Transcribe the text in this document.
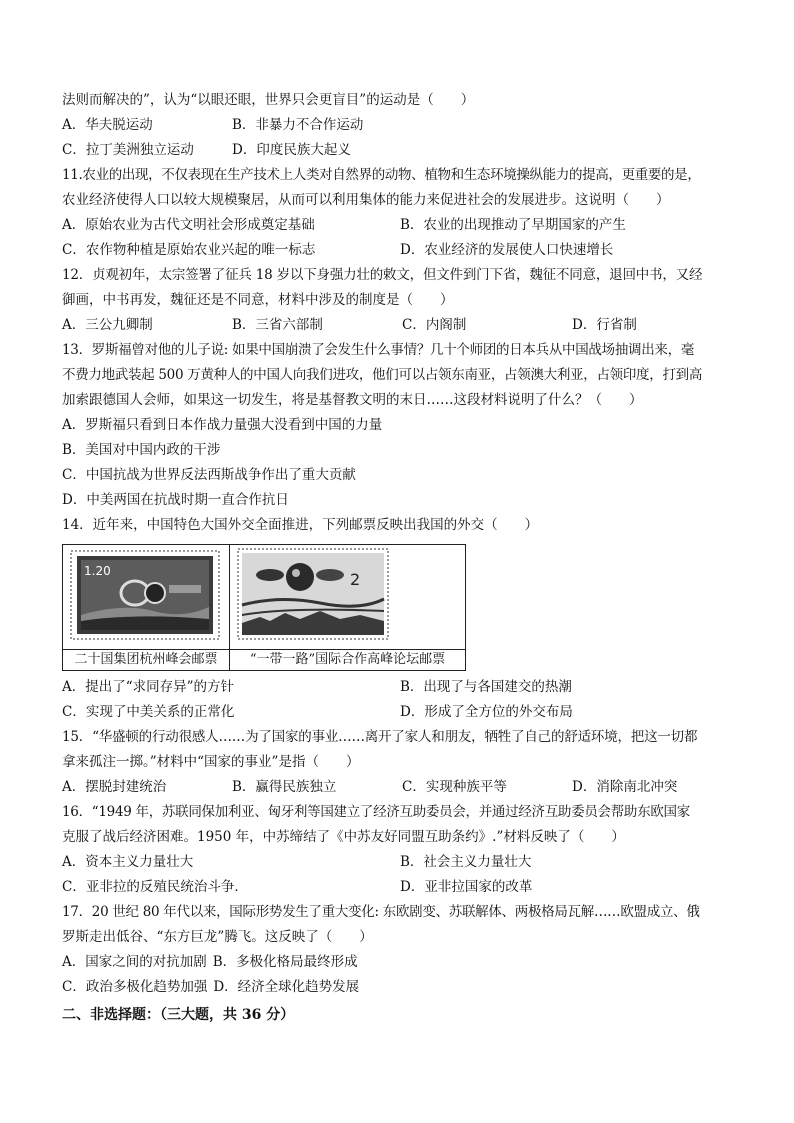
法则而解决的”，认为“以眼还眼，世界只会更盲目”的运动是（　　）
A．华夫脱运动	B．非暴力不合作运动
C．拉丁美洲独立运动	D．印度民族大起义
11.农业的出现，不仅表现在生产技术上人类对自然界的动物、植物和生态环境操纵能力的提高，更重要的是，
农业经济使得人口以较大规模聚居，从而可以利用集体的能力来促进社会的发展进步。这说明（　　）
A．原始农业为古代文明社会形成奠定基础	B．农业的出现推动了早期国家的产生
C．农作物种植是原始农业兴起的唯一标志	D．农业经济的发展使人口快速增长
12．贞观初年，太宗签署了征兵 18 岁以下身强力壮的敕文，但文件到门下省，魏征不同意，退回中书，又经
御画，中书再发，魏征还是不同意，材料中涉及的制度是（　　）
A．三公九卿制	B．三省六部制	C．内阁制	D．行省制
13．罗斯福曾对他的儿子说: 如果中国崩溃了会发生什么事情？几十个师团的日本兵从中国战场抽调出来，毫
不费力地武装起 500 万黄种人的中国人向我们进攻，他们可以占领东南亚，占领澳大利亚，占领印度，打到高
加索跟德国人会师，如果这一切发生，将是基督教文明的末日……这段材料说明了什么？（　　）
A．罗斯福只看到日本作战力量强大没看到中国的力量
B．美国对中国内政的干涉
C．中国抗战为世界反法西斯战争作出了重大贡献
D．中美两国在抗战时期一直合作抗日
14．近年来，中国特色大国外交全面推进，下列邮票反映出我国的外交（　　）
1.20	2

二十国集团杭州峰会邮票	“一带一路”国际合作高峰论坛邮票
A．提出了“求同存异”的方针	B．出现了与各国建交的热潮
C．实现了中美关系的正常化	D．形成了全方位的外交布局
15．“华盛顿的行动很感人……为了国家的事业……离开了家人和朋友，牺牲了自己的舒适环境，把这一切都
拿来孤注一掷。”材料中“国家的事业”是指（　　）
A．摆脱封建统治	B．赢得民族独立	C．实现种族平等	D．消除南北冲突
16．“1949 年，苏联同保加利亚、匈牙利等国建立了经济互助委员会，并通过经济互助委员会帮助东欧国家
克服了战后经济困难。1950 年，中苏缔结了《中苏友好同盟互助条约》.”材料反映了（　　）
A．资本主义力量壮大	B．社会主义力量壮大
C．亚非拉的反殖民统治斗争．	D．亚非拉国家的改革
17．20 世纪 80 年代以来，国际形势发生了重大变化: 东欧剧变、苏联解体、两极格局瓦解……欧盟成立、俄
罗斯走出低谷、“东方巨龙”腾飞。这反映了（　　）
A．国家之间的对抗加剧 B．多极化格局最终形成
C．政治多极化趋势加强 D．经济全球化趋势发展
二、非选择题：（三大题，共 36 分）
